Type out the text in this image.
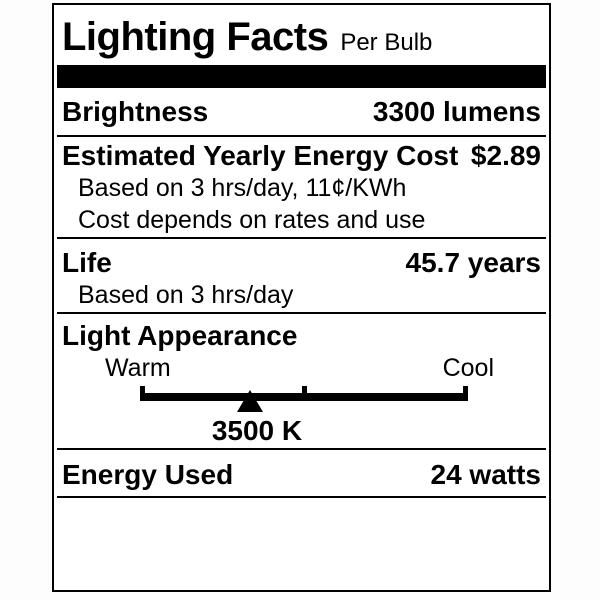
Lighting Facts Per Bulb
Brightness	3300 lumens
Estimated Yearly Energy Cost $2.89
Based on 3 hrs/day, 11¢/KWh
Cost depends on rates and use
Life	45.7 years
Based on 3 hrs/day
Light Appearance
Warm	Cool
3500 K
Energy Used	24 watts
